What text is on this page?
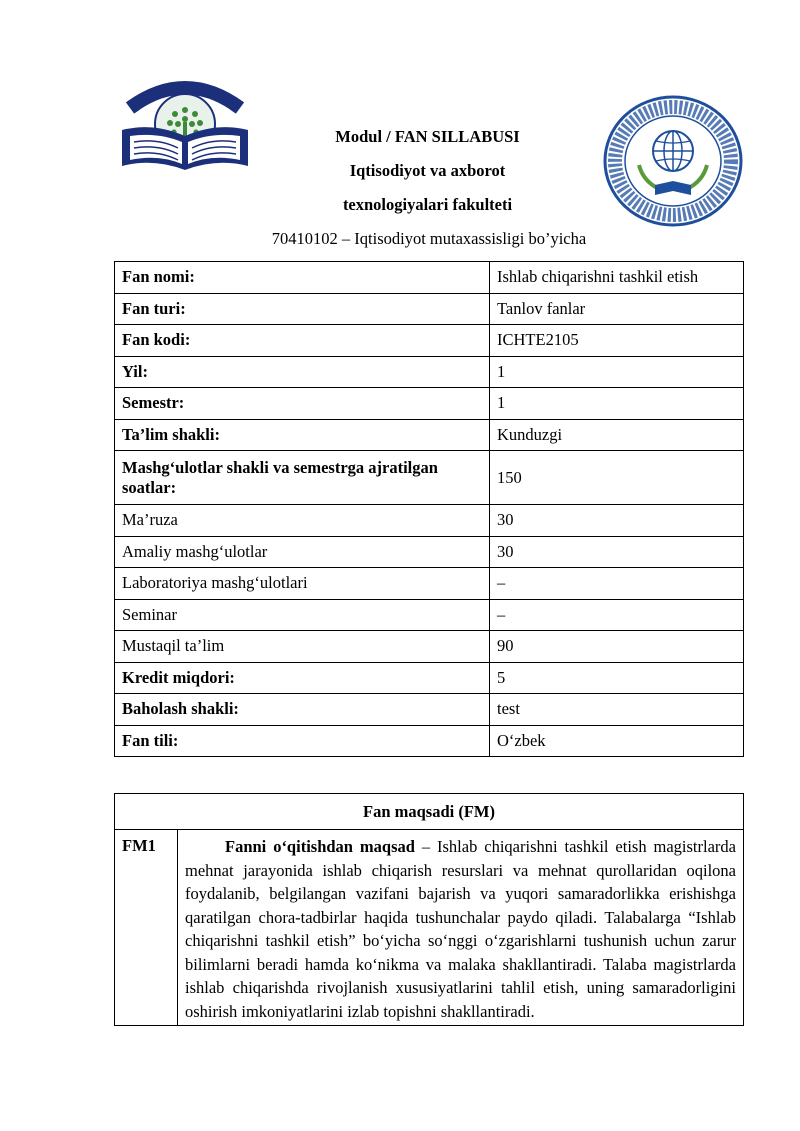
Modul / FAN SILLABUSI
Iqtisodiyot va axborot
texnologiyalari fakulteti
70410102 – Iqtisodiyot mutaxassisligi bo’yicha
Fan nomi:	Ishlab chiqarishni tashkil etish
Fan turi:	Tanlov fanlar
Fan kodi:	ICHTE2105
Yil:	1
Semestr:	1
Ta’lim shakli:	Kunduzgi
Mashg‘ulotlar shakli va semestrga ajratilgan soatlar:	150
Ma’ruza	30
Amaliy mashg‘ulotlar	30
Laboratoriya mashg‘ulotlari	–
Seminar	–
Mustaqil ta’lim	90
Kredit miqdori:	5
Baholash shakli:	test
Fan tili:	O‘zbek
Fan maqsadi (FM)
FM1	Fanni o‘qitishdan maqsad – Ishlab chiqarishni tashkil etish magistrlarda mehnat jarayonida ishlab chiqarish resurslari va mehnat qurollaridan oqilona foydalanib, belgilangan vazifani bajarish va yuqori samaradorlikka erishishga qaratilgan chora-tadbirlar haqida tushunchalar paydo qiladi. Talabalarga “Ishlab chiqarishni tashkil etish” bo‘yicha so‘nggi o‘zgarishlarni tushunish uchun zarur bilimlarni beradi hamda ko‘nikma va malaka shakllantiradi. Talaba magistrlarda ishlab chiqarishda rivojlanish xususiyatlarini tahlil etish, uning samaradorligini oshirish imkoniyatlarini izlab topishni shakllantiradi.
